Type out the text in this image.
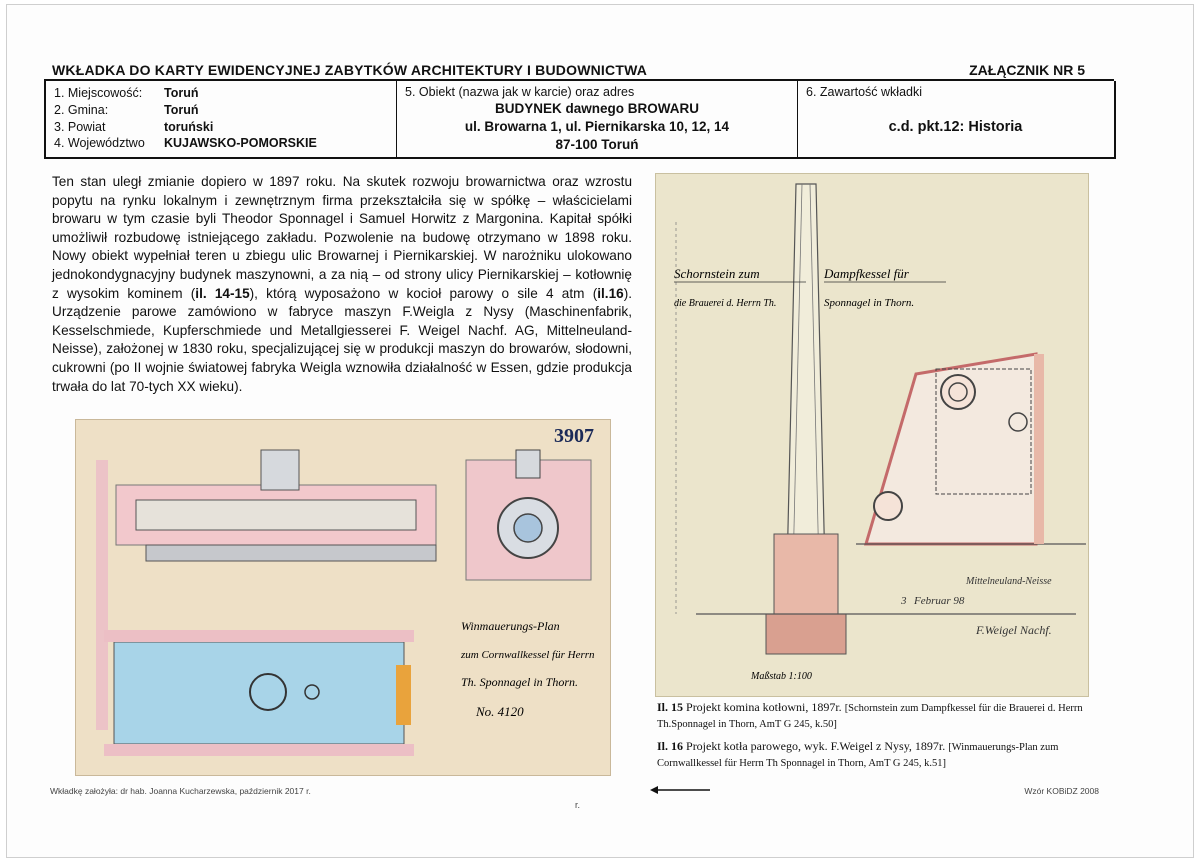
WKŁADKA DO KARTY EWIDENCYJNEJ ZABYTKÓW ARCHITEKTURY I BUDOWNICTWA	ZAŁĄCZNIK NR 5
1. Miejscowość: Toruń
2. Gmina:	Toruń
3. Powiat	toruński
4. Województwo KUJAWSKO-POMORSKIE
5. Obiekt (nazwa jak w karcie) oraz adres
BUDYNEK dawnego BROWARU
ul. Browarna 1, ul. Piernikarska 10, 12, 14
87-100 Toruń
6. Zawartość wkładki
c.d. pkt.12: Historia
Ten stan uległ zmianie dopiero w 1897 roku. Na skutek rozwoju browarnictwa oraz wzrostu popytu na rynku lokalnym i zewnętrznym firma przekształciła się w spółkę – właścicielami browaru w tym czasie byli Theodor Sponnagel i Samuel Horwitz z Margonina. Kapitał spółki umożliwił rozbudowę istniejącego zakładu. Pozwolenie na budowę otrzymano w 1898 roku. Nowy obiekt wypełniał teren u zbiegu ulic Browarnej i Piernikarskiej. W narożniku ulokowano jednokondygnacyjny budynek maszynowni, a za nią – od strony ulicy Piernikarskiej – kotłownię z wysokim kominem (il. 14-15), którą wyposażono w kocioł parowy o sile 4 atm (il.16). Urządzenie parowe zamówiono w fabryce maszyn F.Weigla z Nysy (Maschinenfabrik, Kesselschmiede, Kupferschmiede und Metallgiesserei F. Weigel Nachf. AG, Mittelneuland-Neisse), założonej w 1830 roku, specjalizującej się w produkcji maszyn do browarów, słodowni, cukrowni (po II wojnie światowej fabryka Weigla wznowiła działalność w Essen, gdzie produkcja trwała do lat 70-tych XX wieku).
Schornstein zum
die Brauerei d. Herrn Th.
Dampfkessel für
Sponnagel in Thorn.
Maßstab 1:100
3 Februar 98
Mittelneuland-Neisse
F.Weigel Nachf.
Il. 15 Projekt komina kotłowni, 1897r. [Schornstein zum Dampfkessel für die Brauerei d. Herrn Th.Sponnagel in Thorn, AmT G 245, k.50]
Il. 16 Projekt kotła parowego, wyk. F.Weigel z Nysy, 1897r. [Winmauerungs-Plan zum Cornwallkessel für Herrn Th Sponnagel in Thorn, AmT G 245, k.51]
3907
Winmauerungs-Plan
zum Cornwallkessel für Herrn
Th. Sponnagel in Thorn.
No. 4120
Wkładkę założyła: dr hab. Joanna Kucharzewska, październik 2017 r.	Wzór KOBiDZ 2008
r.
